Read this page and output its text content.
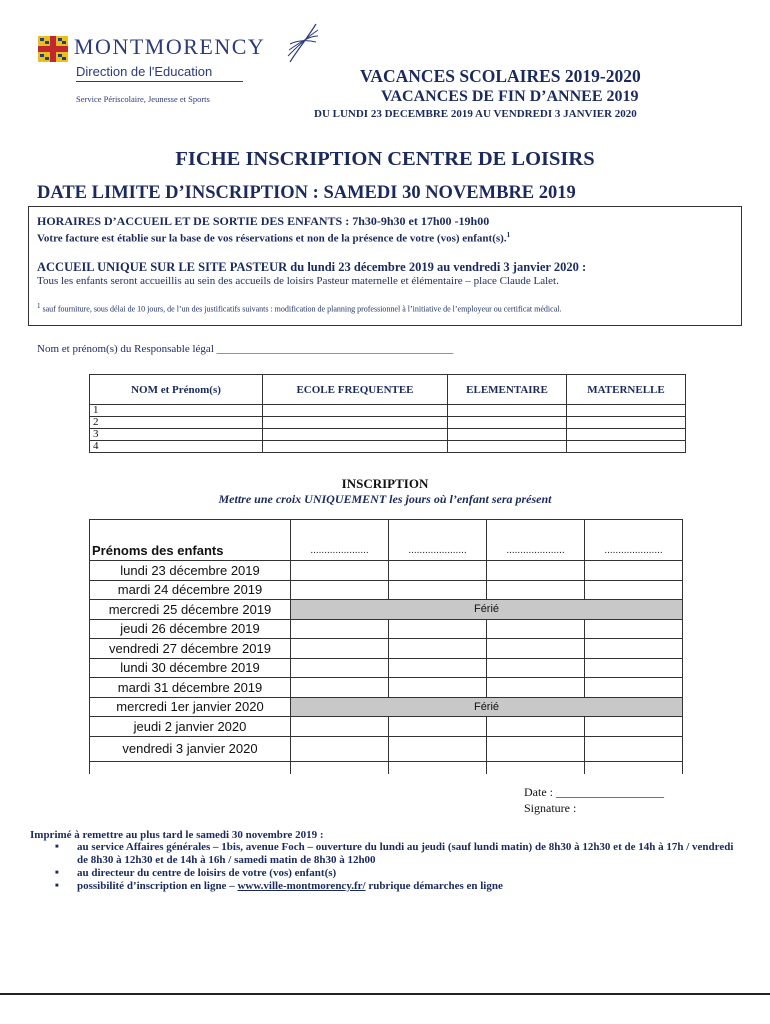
MONTMORENCY
Direction de l'Education
Service Périscolaire, Jeunesse et Sports
VACANCES SCOLAIRES 2019-2020
VACANCES DE FIN D’ANNEE 2019
DU LUNDI 23 DECEMBRE 2019 AU VENDREDI 3 JANVIER 2020
FICHE INSCRIPTION CENTRE DE LOISIRS
DATE LIMITE D’INSCRIPTION : SAMEDI 30 NOVEMBRE 2019
HORAIRES D’ACCUEIL ET DE SORTIE DES ENFANTS : 7h30-9h30 et 17h00 -19h00
Votre facture est établie sur la base de vos réservations et non de la présence de votre (vos) enfant(s).$^1$
ACCUEIL UNIQUE SUR LE SITE PASTEUR du lundi 23 décembre 2019 au vendredi 3 janvier 2020 :
Tous les enfants seront accueillis au sein des accueils de loisirs Pasteur maternelle et élémentaire – place Claude Lalet.
$^1$ sauf fourniture, sous délai de 10 jours, de l’un des justificatifs suivants : modification de planning professionnel à l’initiative de l’employeur ou certificat médical.
Nom et prénom(s) du Responsable légal ___________________________________________
NOM et Prénom(s)	ECOLE FREQUENTEE	ELEMENTAIRE	MATERNELLE
1			
2			
3			
4			
INSCRIPTION
Mettre une croix UNIQUEMENT les jours où l’enfant sera présent
Prénoms des enfants	.....................	.....................	.....................	.....................
lundi 23 décembre 2019				
mardi 24 décembre 2019				
mercredi 25 décembre 2019	Férié			
jeudi 26 décembre 2019				
vendredi 27 décembre 2019				
lundi 30 décembre 2019				
mardi 31 décembre 2019				
mercredi 1er janvier 2020	Férié			
jeudi 2 janvier 2020				
vendredi 3 janvier 2020				

Date : __________________
Signature :
Imprimé à remettre au plus tard le samedi 30 novembre 2019 :
■ au service Affaires générales – 1bis, avenue Foch – ouverture du lundi au jeudi (sauf lundi matin) de 8h30 à 12h30 et de 14h à 17h / vendredi de 8h30 à 12h30 et de 14h à 16h / samedi matin de 8h30 à 12h00
■ au directeur du centre de loisirs de votre (vos) enfant(s)
■ possibilité d’inscription en ligne – www.ville-montmorency.fr/ rubrique démarches en ligne
